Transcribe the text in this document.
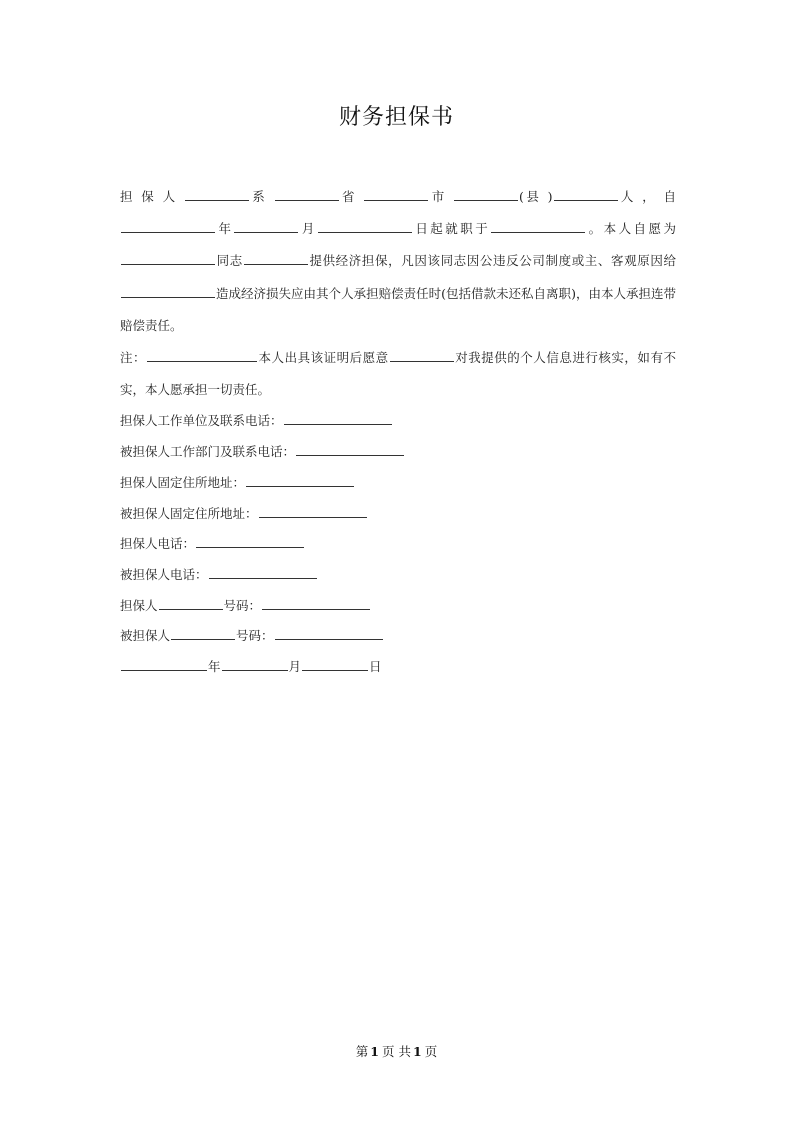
财务担保书

担 保 人	系	省	市	(县 )	人 ， 自年	月	日起就职于	。本人自愿为同志	提供经济担保，凡因该同志因公违反公司制度或主、客观原因给造成经济损失应由其个人承担赔偿责任时(包括借款未还私自离职)，由本人承担连带赔偿责任。

注：	本人出具该证明后愿意	对我提供的个人信息进行核实，如有不实，本人愿承担一切责任。

担保人工作单位及联系电话：

被担保人工作部门及联系电话：

担保人固定住所地址：

被担保人固定住所地址：

担保人电话：

被担保人电话：

担保人	号码：

被担保人	号码：

年	月	日

第 1 页 共 1 页
